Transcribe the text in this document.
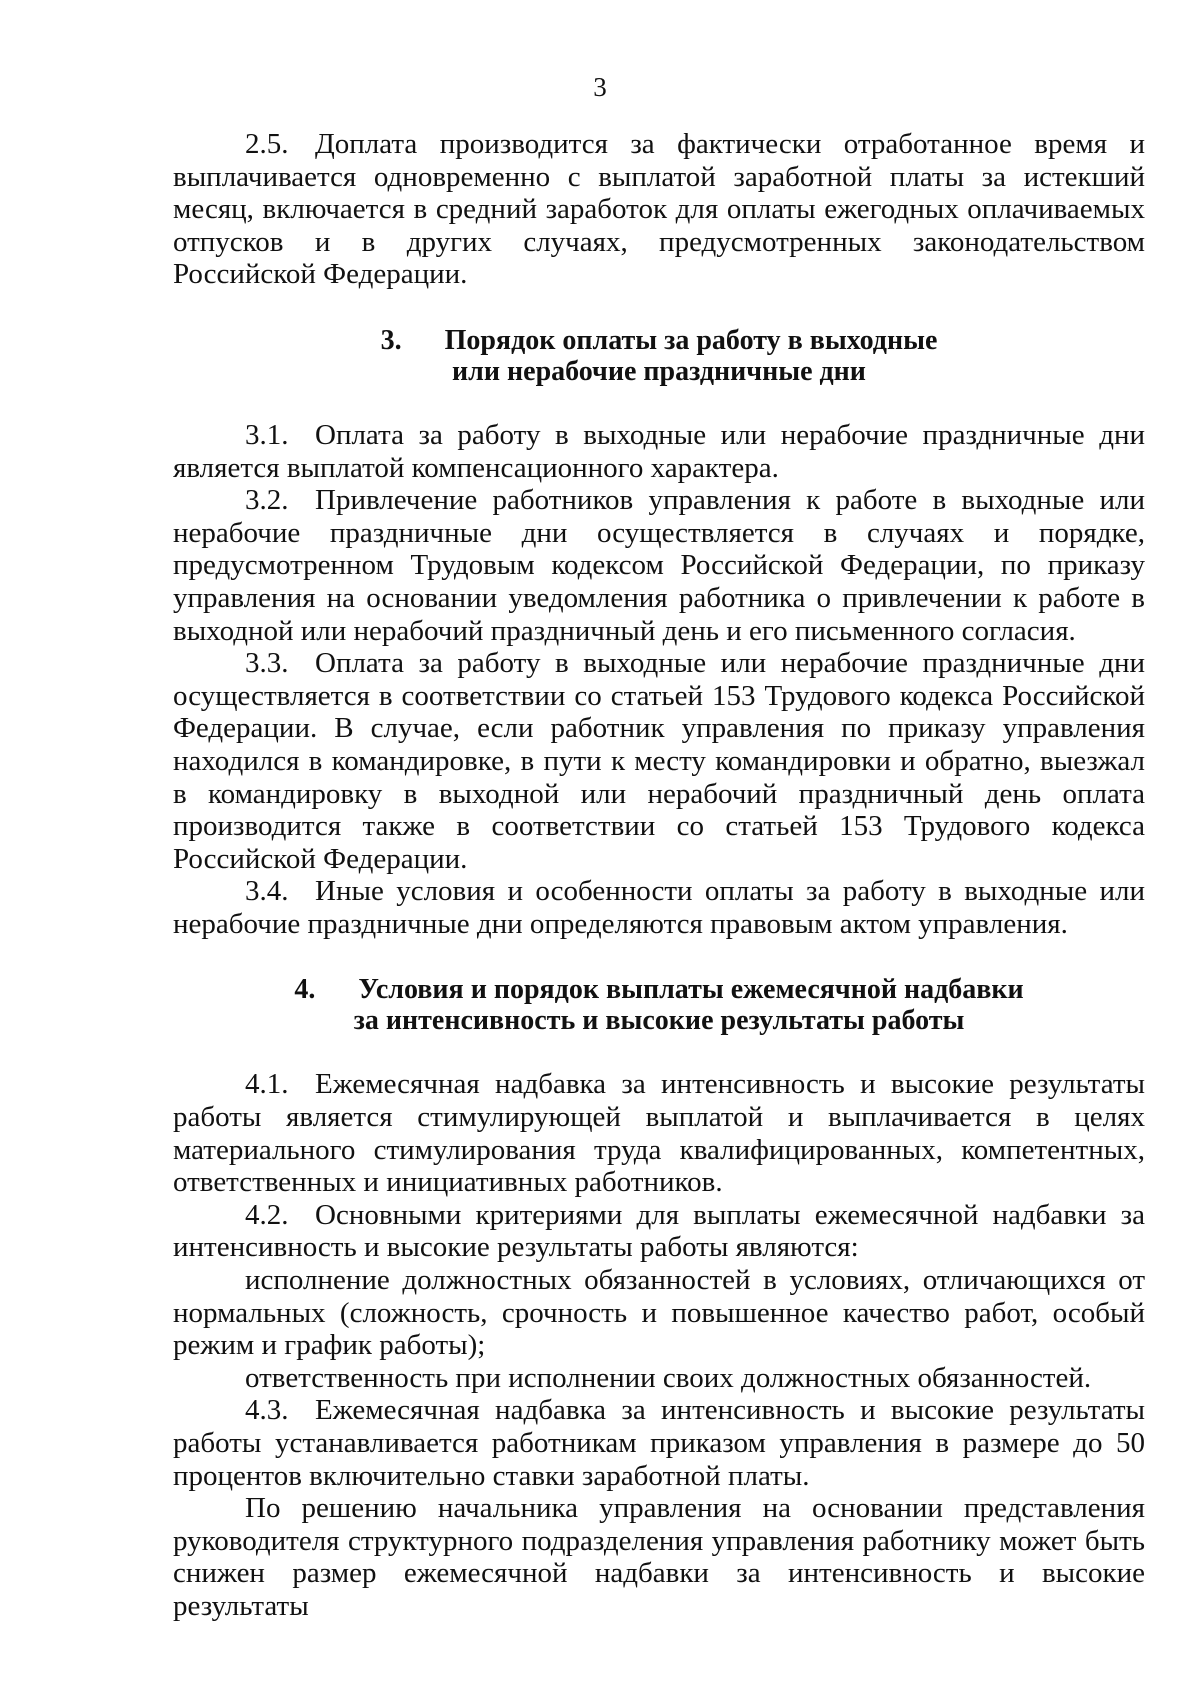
3

2.5. Доплата производится за фактически отработанное время и выплачивается одновременно с выплатой заработной платы за истекший месяц, включается в средний заработок для оплаты ежегодных оплачиваемых отпусков и в других случаях, предусмотренных законодательством Российской Федерации.

3. Порядок оплаты за работу в выходные
или нерабочие праздничные дни

3.1. Оплата за работу в выходные или нерабочие праздничные дни является выплатой компенсационного характера.

3.2. Привлечение работников управления к работе в выходные или нерабочие праздничные дни осуществляется в случаях и порядке, предусмотренном Трудовым кодексом Российской Федерации, по приказу управления на основании уведомления работника о привлечении к работе в выходной или нерабочий праздничный день и его письменного согласия.

3.3. Оплата за работу в выходные или нерабочие праздничные дни осуществляется в соответствии со статьей 153 Трудового кодекса Российской Федерации. В случае, если работник управления по приказу управления находился в командировке, в пути к месту командировки и обратно, выезжал в командировку в выходной или нерабочий праздничный день оплата производится также в соответствии со статьей 153 Трудового кодекса Российской Федерации.

3.4. Иные условия и особенности оплаты за работу в выходные или нерабочие праздничные дни определяются правовым актом управления.

4. Условия и порядок выплаты ежемесячной надбавки
за интенсивность и высокие результаты работы

4.1. Ежемесячная надбавка за интенсивность и высокие результаты работы является стимулирующей выплатой и выплачивается в целях материального стимулирования труда квалифицированных, компетентных, ответственных и инициативных работников.

4.2. Основными критериями для выплаты ежемесячной надбавки за интенсивность и высокие результаты работы являются:

исполнение должностных обязанностей в условиях, отличающихся от нормальных (сложность, срочность и повышенное качество работ, особый режим и график работы);

ответственность при исполнении своих должностных обязанностей.

4.3. Ежемесячная надбавка за интенсивность и высокие результаты работы устанавливается работникам приказом управления в размере до 50 процентов включительно ставки заработной платы.

По решению начальника управления на основании представления руководителя структурного подразделения управления работнику может быть снижен размер ежемесячной надбавки за интенсивность и высокие результаты
